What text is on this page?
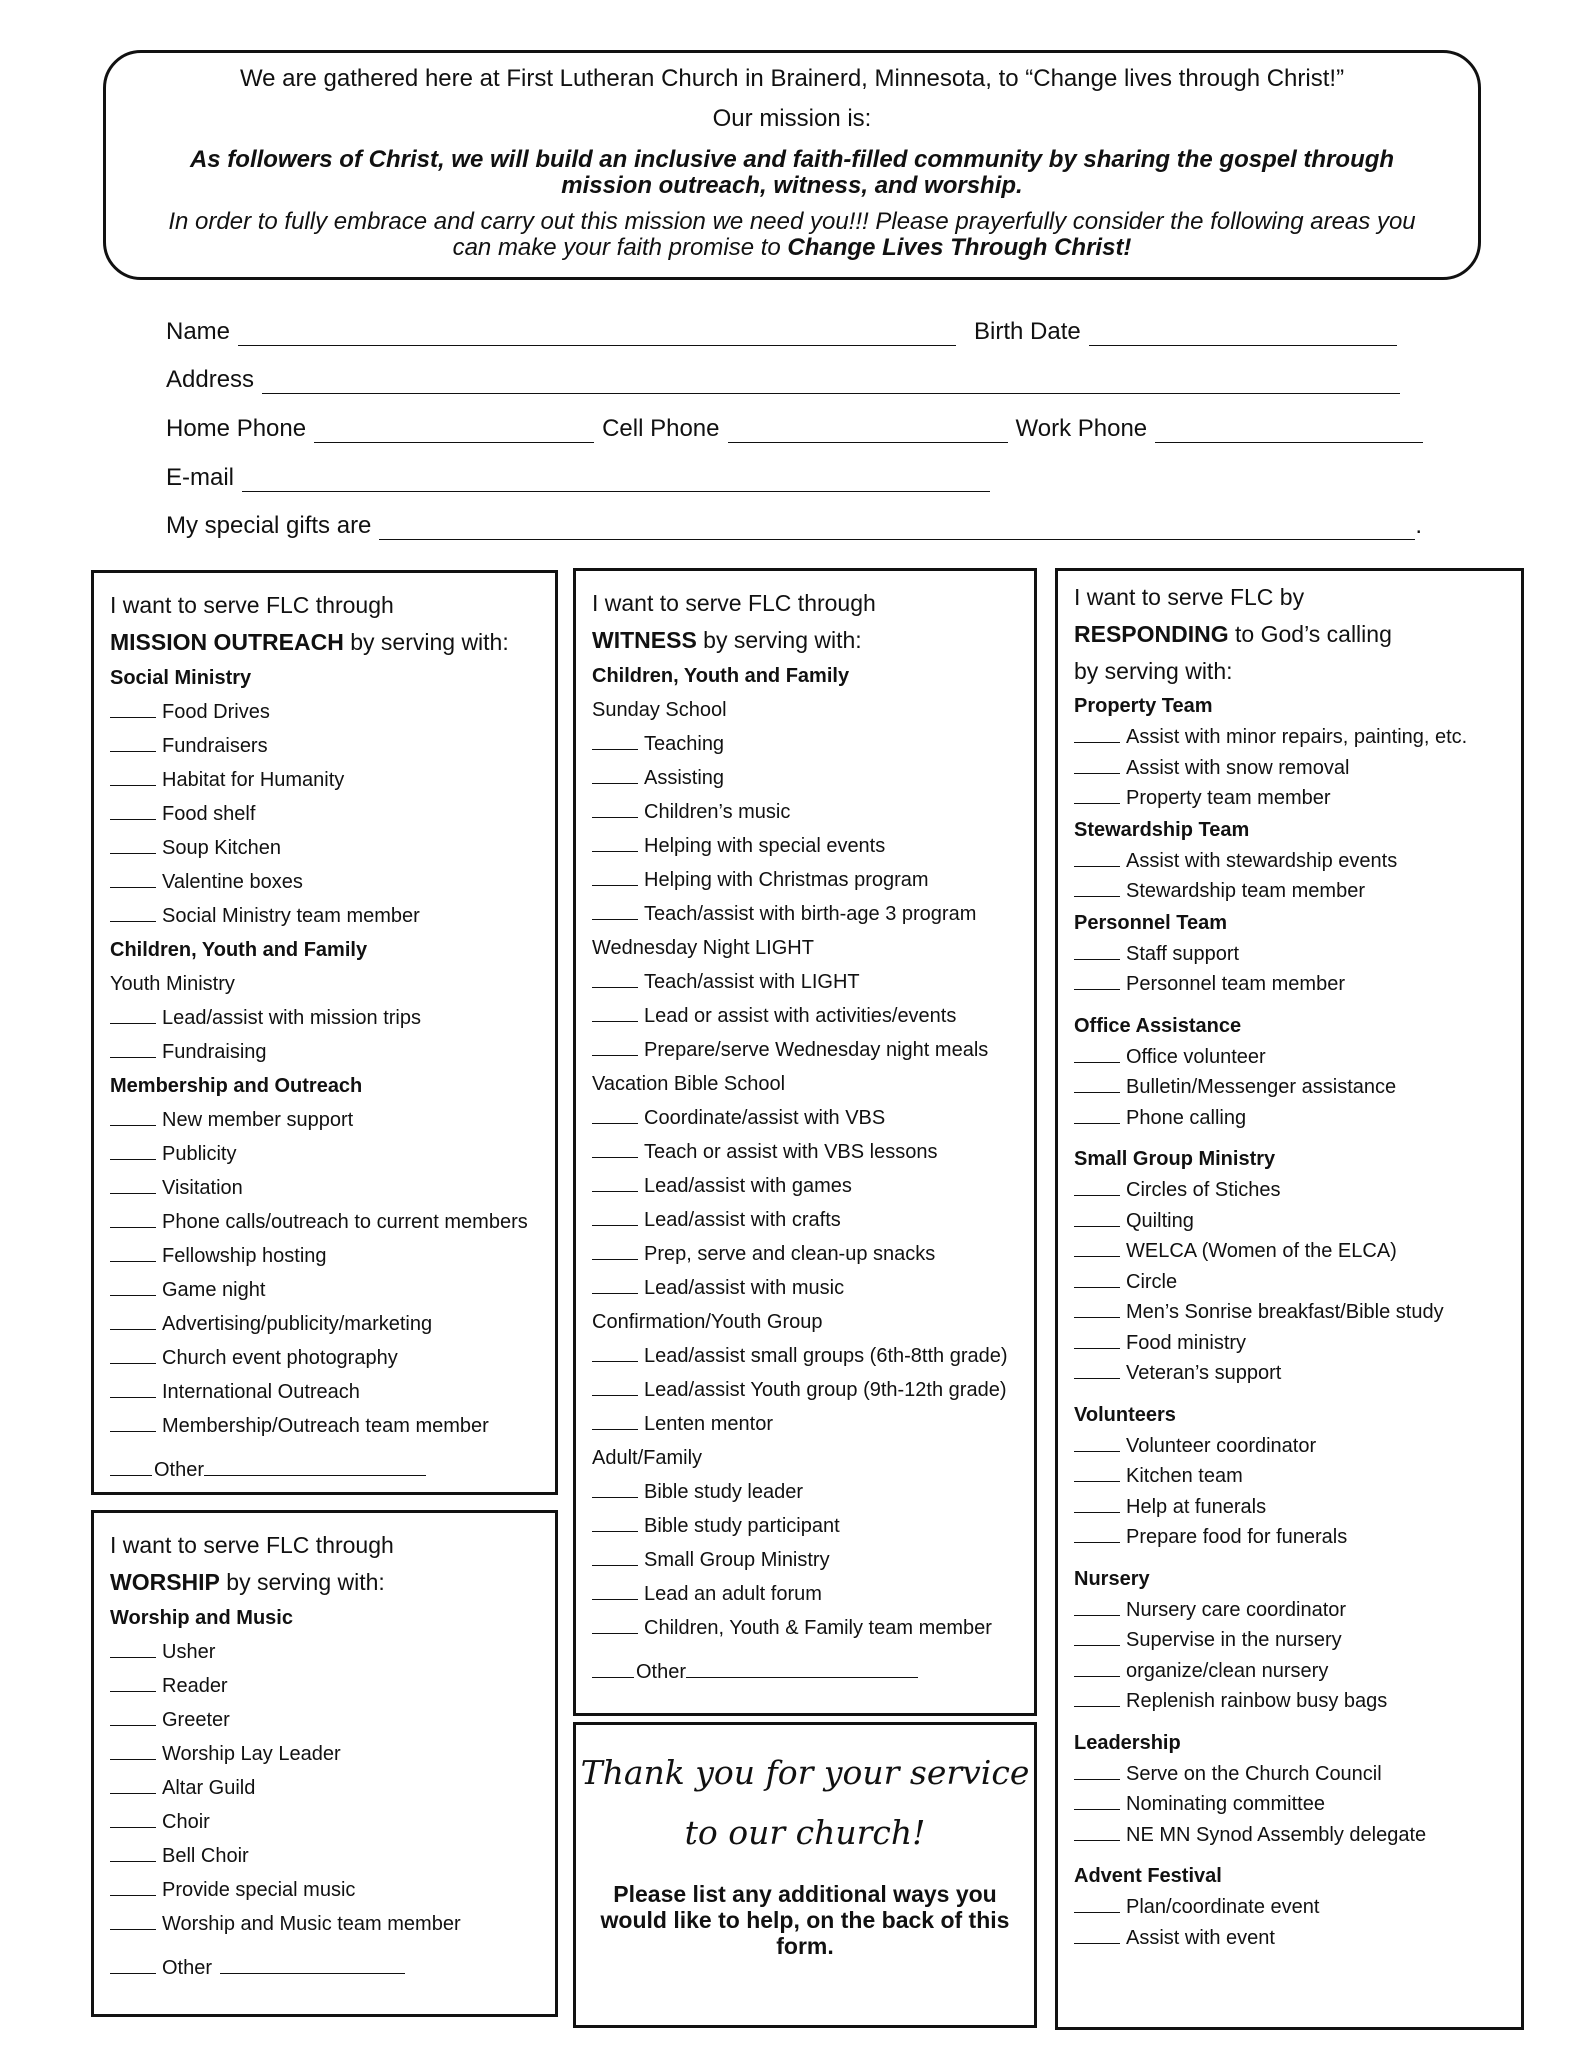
We are gathered here at First Lutheran Church in Brainerd, Minnesota, to “Change lives through Christ!”
Our mission is:
As followers of Christ, we will build an inclusive and faith-filled community by sharing the gospel through mission outreach, witness, and worship.
In order to fully embrace and carry out this mission we need you!!! Please prayerfully consider the following areas you can make your faith promise to Change Lives Through Christ!
Name	Birth Date
Address
Home Phone	Cell Phone	Work Phone
E-mail
My special gifts are	.
I want to serve FLC through
MISSION OUTREACH by serving with:
Social Ministry
Food Drives
Fundraisers
Habitat for Humanity
Food shelf
Soup Kitchen
Valentine boxes
Social Ministry team member
Children, Youth and Family
Youth Ministry
Lead/assist with mission trips
Fundraising
Membership and Outreach
New member support
Publicity
Visitation
Phone calls/outreach to current members
Fellowship hosting
Game night
Advertising/publicity/marketing
Church event photography
International Outreach
Membership/Outreach team member
Other
I want to serve FLC through
WORSHIP by serving with:
Worship and Music
Usher
Reader
Greeter
Worship Lay Leader
Altar Guild
Choir
Bell Choir
Provide special music
Worship and Music team member
Other
I want to serve FLC through
WITNESS by serving with:
Children, Youth and Family
Sunday School
Teaching
Assisting
Children’s music
Helping with special events
Helping with Christmas program
Teach/assist with birth-age 3 program
Wednesday Night LIGHT
Teach/assist with LIGHT
Lead or assist with activities/events
Prepare/serve Wednesday night meals
Vacation Bible School
Coordinate/assist with VBS
Teach or assist with VBS lessons
Lead/assist with games
Lead/assist with crafts
Prep, serve and clean-up snacks
Lead/assist with music
Confirmation/Youth Group
Lead/assist small groups (6th-8tth grade)
Lead/assist Youth group (9th-12th grade)
Lenten mentor
Adult/Family
Bible study leader
Bible study participant
Small Group Ministry
Lead an adult forum
Children, Youth & Family team member
Other
Thank you for your service
to our church!
Please list any additional ways you would like to help, on the back of this form.
I want to serve FLC by
RESPONDING to God’s calling
by serving with:
Property Team
Assist with minor repairs, painting, etc.
Assist with snow removal
Property team member
Stewardship Team
Assist with stewardship events
Stewardship team member
Personnel Team
Staff support
Personnel team member
Office Assistance
Office volunteer
Bulletin/Messenger assistance
Phone calling
Small Group Ministry
Circles of Stiches
Quilting
WELCA (Women of the ELCA)
Circle
Men’s Sonrise breakfast/Bible study
Food ministry
Veteran’s support
Volunteers
Volunteer coordinator
Kitchen team
Help at funerals
Prepare food for funerals
Nursery
Nursery care coordinator
Supervise in the nursery
organize/clean nursery
Replenish rainbow busy bags
Leadership
Serve on the Church Council
Nominating committee
NE MN Synod Assembly delegate
Advent Festival
Plan/coordinate event
Assist with event
